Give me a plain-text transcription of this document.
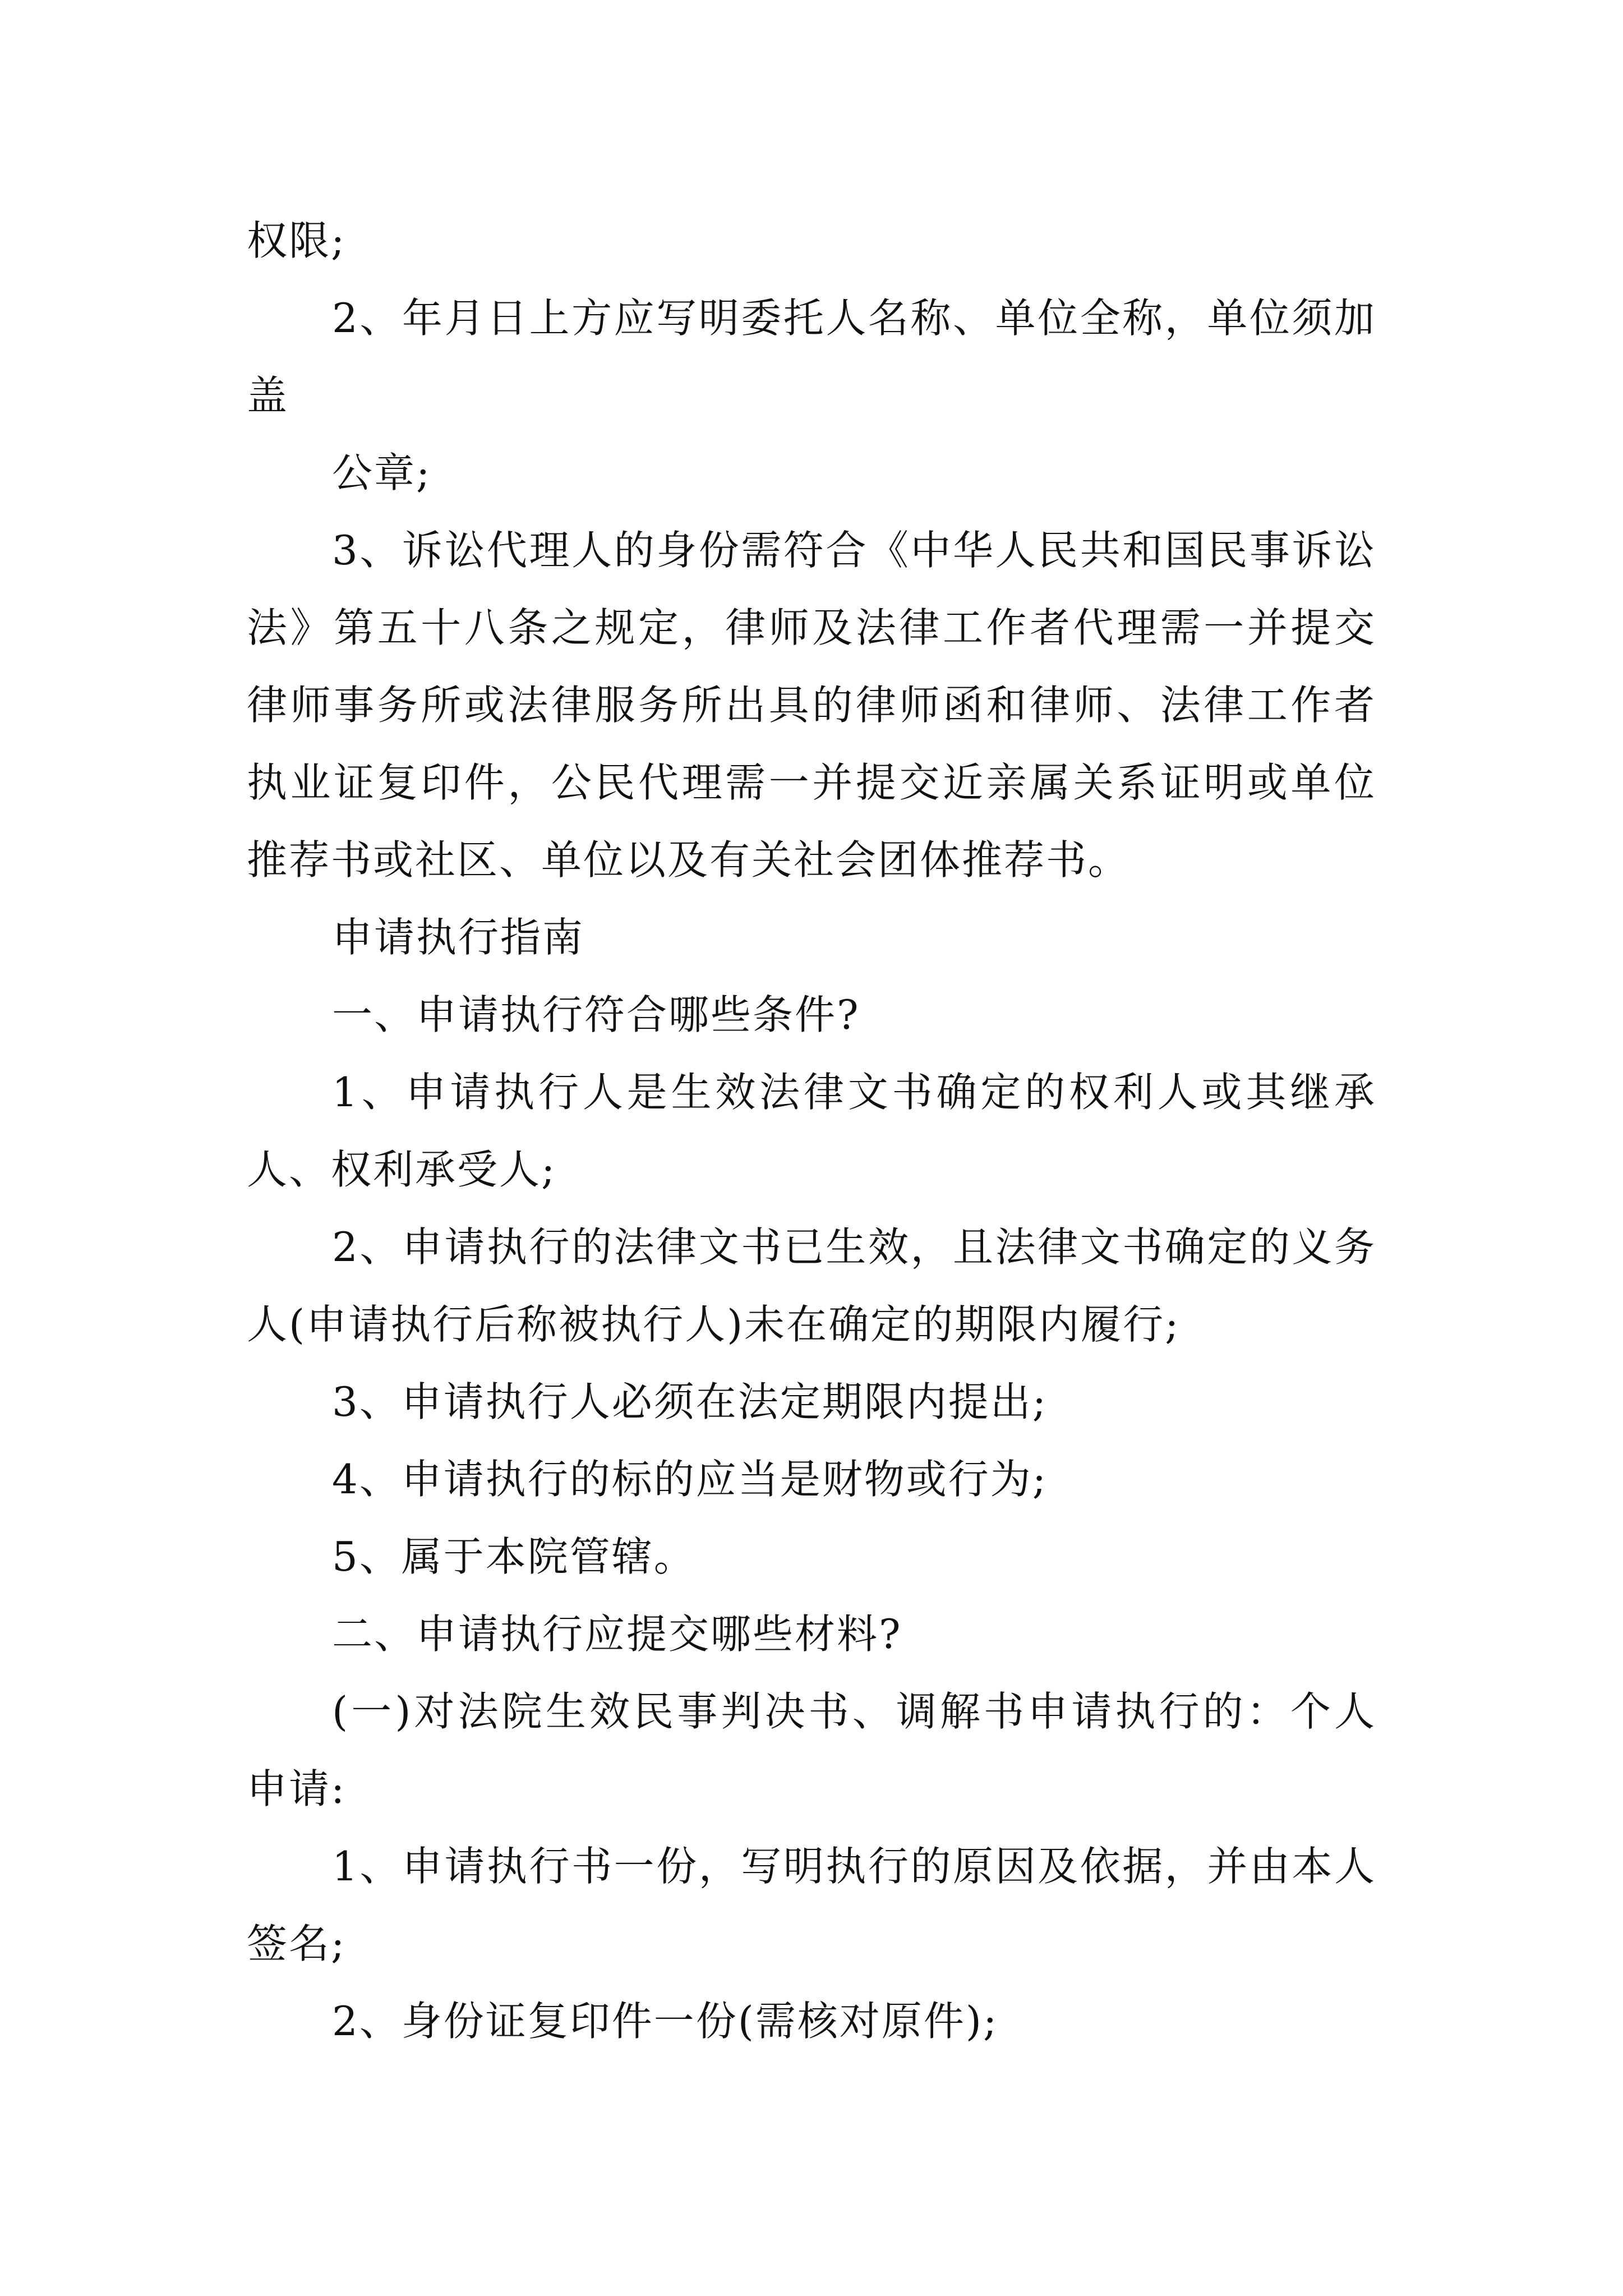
权限;

2、年月日上方应写明委托人名称、单位全称，单位须加盖

公章;

3、诉讼代理人的身份需符合《中华人民共和国民事诉讼法》第五十八条之规定，律师及法律工作者代理需一并提交律师事务所或法律服务所出具的律师函和律师、法律工作者执业证复印件，公民代理需一并提交近亲属关系证明或单位推荐书或社区、单位以及有关社会团体推荐书。

申请执行指南

一、申请执行符合哪些条件?

1、申请执行人是生效法律文书确定的权利人或其继承人、权利承受人;

2、申请执行的法律文书已生效，且法律文书确定的义务人(申请执行后称被执行人)未在确定的期限内履行;

3、申请执行人必须在法定期限内提出;

4、申请执行的标的应当是财物或行为;

5、属于本院管辖。

二、申请执行应提交哪些材料?

(一)对法院生效民事判决书、调解书申请执行的：个人申请:

1、申请执行书一份，写明执行的原因及依据，并由本人签名;

2、身份证复印件一份(需核对原件);
